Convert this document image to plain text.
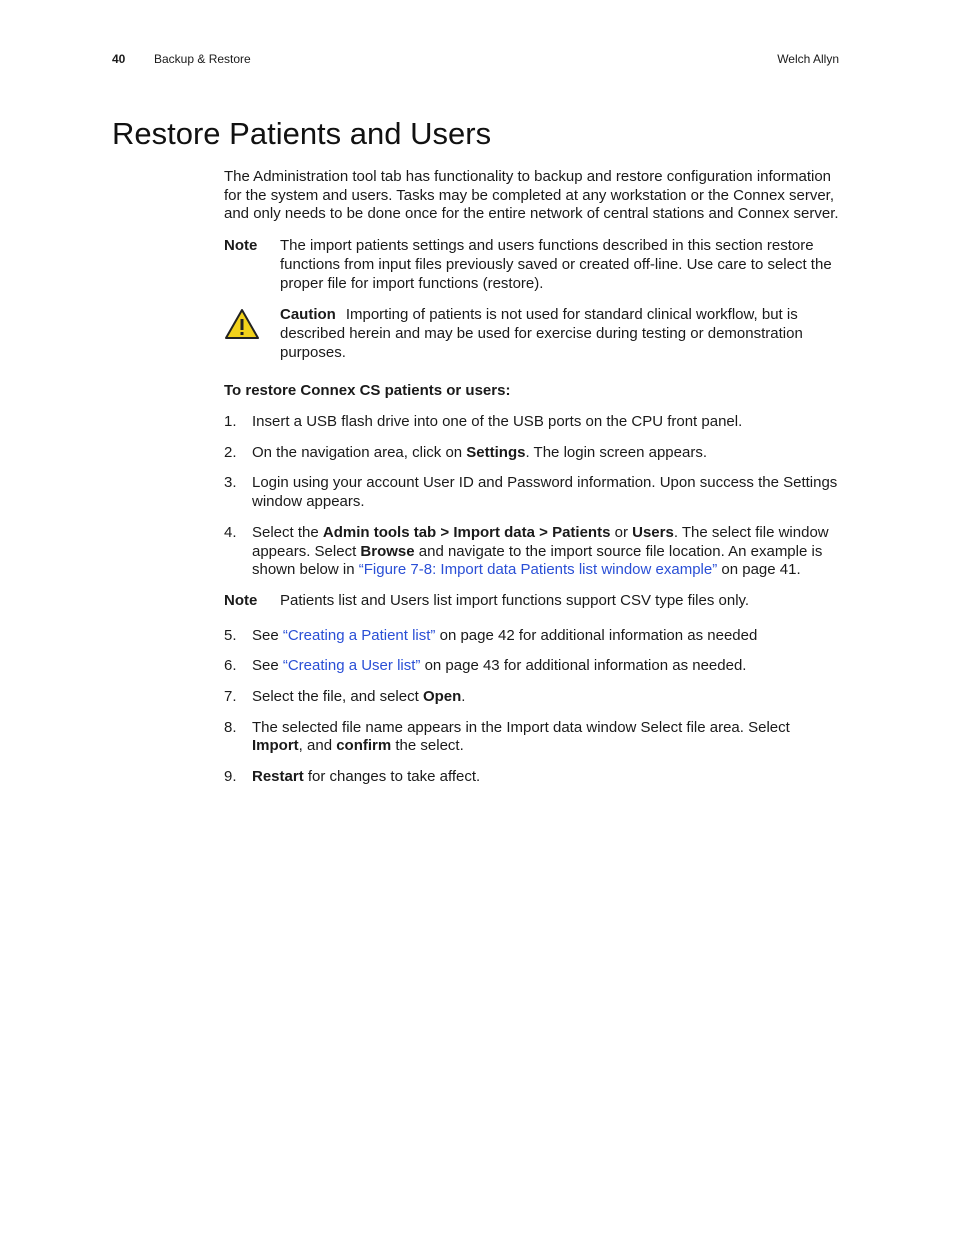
40 Backup & Restore	Welch Allyn
Restore Patients and Users

The Administration tool tab has functionality to backup and restore configuration information for the system and users. Tasks may be completed at any workstation or the Connex server, and only needs to be done once for the entire network of central stations and Connex server.

Note	The import patients settings and users functions described in this section restore functions from input files previously saved or created off-line. Use care to select the proper file for import functions (restore).
Caution Importing of patients is not used for standard clinical workflow, but is described herein and may be used for exercise during testing or demonstration purposes.

To restore Connex CS patients or users:

1.	Insert a USB flash drive into one of the USB ports on the CPU front panel.
2.	On the navigation area, click on Settings. The login screen appears.
3.	Login using your account User ID and Password information. Upon success the Settings window appears.
4.	Select the Admin tools tab > Import data > Patients or Users. The select file window appears. Select Browse and navigate to the import source file location. An example is shown below in “Figure 7-8: Import data Patients list window example” on page 41.
Note	Patients list and Users list import functions support CSV type files only.
5.	See “Creating a Patient list” on page 42 for additional information as needed
6.	See “Creating a User list” on page 43 for additional information as needed.
7.	Select the file, and select Open.
8.	The selected file name appears in the Import data window Select file area. Select Import, and confirm the select.
9.	Restart for changes to take affect.
